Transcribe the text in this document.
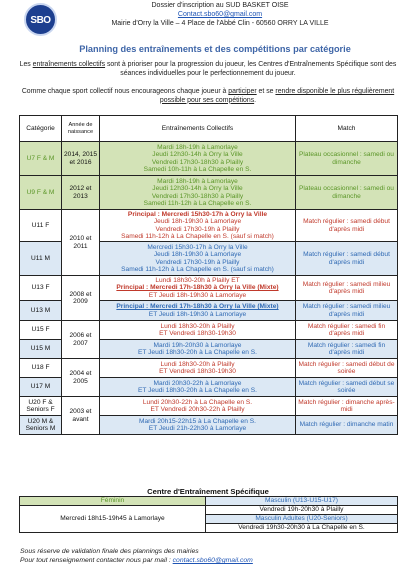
SBO
Dossier d'inscription au SUD BASKET OISE
Contact.sbo60@gmail.com
Mairie d'Orry la Ville – 4 Place de l'Abbé Clin - 60560 ORRY LA VILLE
Planning des entraînements et des compétitions par catégorie
Les entraînements collectifs sont à prioriser pour la progression du joueur, les Centres d'Entraînements Spécifique sont des séances individuelles pour le perfectionnement du joueur.
Comme chaque sport collectif nous encourageons chaque joueur à participer et se rendre disponible le plus régulièrement possible pour ses compétitions.
Catégorie	Année de naissance	Entraînements Collectifs	Match
U7 F & M	2014, 2015 et 2016	Mardi 18h-19h à Lamorlaye
Jeudi 12h30-14h à Orry la Ville
Vendredi 17h30-18h30 à Plailly
Samedi 10h-11h à La Chapelle en S.	Plateau occasionnel : samedi ou dimanche
U9 F & M	2012 et 2013	Mardi 18h-19h à Lamorlaye
Jeudi 12h30-14h à Orry la Ville
Vendredi 17h30-18h30 à Plailly
Samedi 11h-12h à La Chapelle en S.	Plateau occasionnel : samedi ou dimanche
U11 F	2010 et 2011	Principal : Mercredi 15h30-17h à Orry la Ville
Jeudi 18h-19h30 à Lamorlaye
Vendredi 17h30-19h à Plailly
Samedi 11h-12h à La Chapelle en S. (sauf si match)	Match régulier : samedi début d'après midi
U11 M		Mercredi 15h30-17h à Orry la Ville
Jeudi 18h-19h30 à Lamorlaye
Vendredi 17h30-19h à Plailly
Samedi 11h-12h à La Chapelle en S. (sauf si match)	Match régulier : samedi début d'après midi
U13 F	2008 et 2009	Lundi 18h30-20h à Plailly ET
Principal : Mercredi 17h-18h30 à Orry la Ville (Mixte)
ET Jeudi 18h-19h30 à Lamorlaye	Match régulier : samedi milieu d'après midi
U13 M		Principal : Mercredi 17h-18h30 à Orry la Ville (Mixte)
ET Jeudi 18h-19h30 à Lamorlaye	Match régulier : samedi milieu d'après midi
U15 F	2006 et 2007	Lundi 18h30-20h à Plailly
ET Vendredi 18h30-19h30	Match régulier : samedi fin d'après midi
U15 M		Mardi 19h-20h30 à Lamorlaye
ET Jeudi 18h30-20h à La Chapelle en S.	Match régulier : samedi fin d'après midi
U18 F	2004 et 2005	Lundi 18h30-20h à Plailly
ET Vendredi 18h30-19h30	Match régulier : samedi début de soirée
U17 M		Mardi 20h30-22h à Lamorlaye
ET Jeudi 18h30-20h à La Chapelle en S.	Match régulier : samedi début se soirée
U20 F & Seniors F	2003 et avant	Lundi 20h30-22h à La Chapelle en S.
ET Vendredi 20h30-22h à Plailly	Match régulier : dimanche après-midi
U20 M & Seniors M		Mardi 20h15-22h15 à La Chapelle en S.
ET Jeudi 21h-22h30 à Lamorlaye	Match régulier : dimanche matin
Centre d'Entraînement Spécifique
Féminin	Masculin (U13-U15-U17)
Mercredi 18h15-19h45 à Lamorlaye	Vendredi 19h-20h30 à Plailly
	Masculin Adultes (U20-Seniors)
	Vendredi 19h30-20h30 à La Chapelle en S.
Sous réserve de validation finale des plannings des mairies
Pour tout renseignement contacter nous par mail : contact.sbo60@gmail.com
